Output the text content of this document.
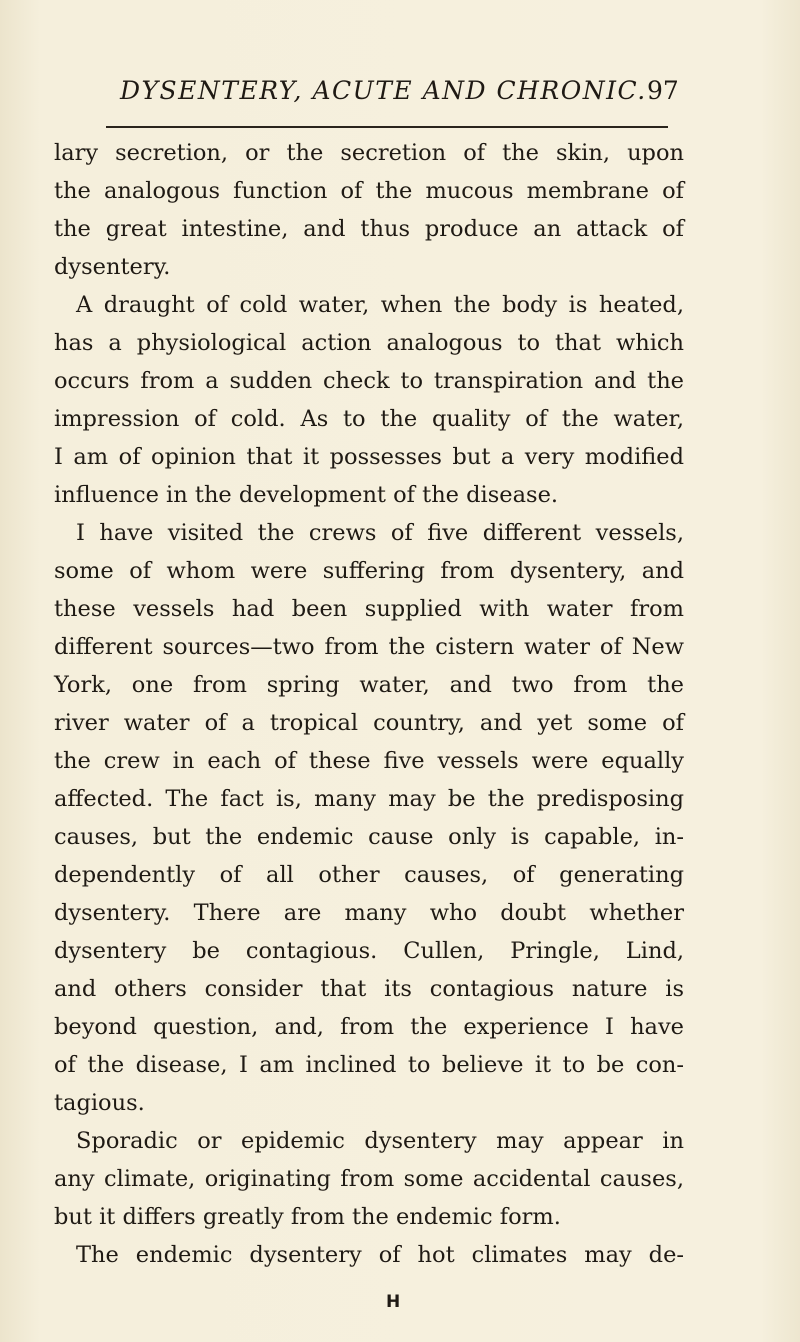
DYSENTERY, ACUTE AND CHRONIC. 97
lary secretion, or the secretion of the skin, upon
the analogous function of the mucous membrane of
the great intestine, and thus produce an attack of
dysentery.
A draught of cold water, when the body is heated,
has a physiological action analogous to that which
occurs from a sudden check to transpiration and the
impression of cold. As to the quality of the water,
I am of opinion that it possesses but a very modified
influence in the development of the disease.
I have visited the crews of five different vessels,
some of whom were suffering from dysentery, and
these vessels had been supplied with water from
different sources—two from the cistern water of New
York, one from spring water, and two from the
river water of a tropical country, and yet some of
the crew in each of these five vessels were equally
affected. The fact is, many may be the predisposing
causes, but the endemic cause only is capable, in-
dependently of all other causes, of generating
dysentery. There are many who doubt whether
dysentery be contagious. Cullen, Pringle, Lind,
and others consider that its contagious nature is
beyond question, and, from the experience I have
of the disease, I am inclined to believe it to be con-
tagious.
Sporadic or epidemic dysentery may appear in
any climate, originating from some accidental causes,
but it differs greatly from the endemic form.
The endemic dysentery of hot climates may de-
H
